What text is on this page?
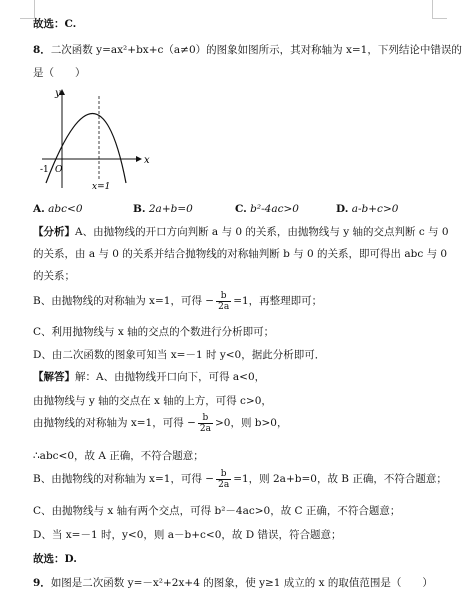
故选：C.
8．二次函数 y=ax²+bx+c（a≠0）的图象如图所示，其对称轴为 x=1，下列结论中错误的
是（　　）
y
x
-1 O
x=1
A. abc<0	B. 2a+b=0	C. b²-4ac>0	D. a-b+c>0
【分析】A、由抛物线的开口方向判断 a 与 0 的关系，由抛物线与 y 轴的交点判断 c 与 0
的关系，由 a 与 0 的关系并结合抛物线的对称轴判断 b 与 0 的关系，即可得出 abc 与 0
的关系；
B、由抛物线的对称轴为 x=1，可得 − $\frac{b}{2a} =1$，再整理即可；
C、利用抛物线与 x 轴的交点的个数进行分析即可；
D、由二次函数的图象可知当 x=－1 时 y<0，据此分析即可．
【解答】解：A、由抛物线开口向下，可得 a<0，
由抛物线与 y 轴的交点在 x 轴的上方，可得 c>0，
由抛物线的对称轴为 x=1，可得 − $\frac{b}{2a} >0$，则 b>0，
∴abc<0，故 A 正确，不符合题意；
B、由抛物线的对称轴为 x=1，可得 − $\frac{b}{2a} =1$，则 2a+b=0，故 B 正确，不符合题意；
C、由抛物线与 x 轴有两个交点，可得 b²－4ac>0，故 C 正确，不符合题意；
D、当 x=－1 时，y<0，则 a－b+c<0，故 D 错误，符合题意；
故选：D.
9．如图是二次函数 y=－x²+2x+4 的图象，使 y≥1 成立的 x 的取值范围是（　　）
